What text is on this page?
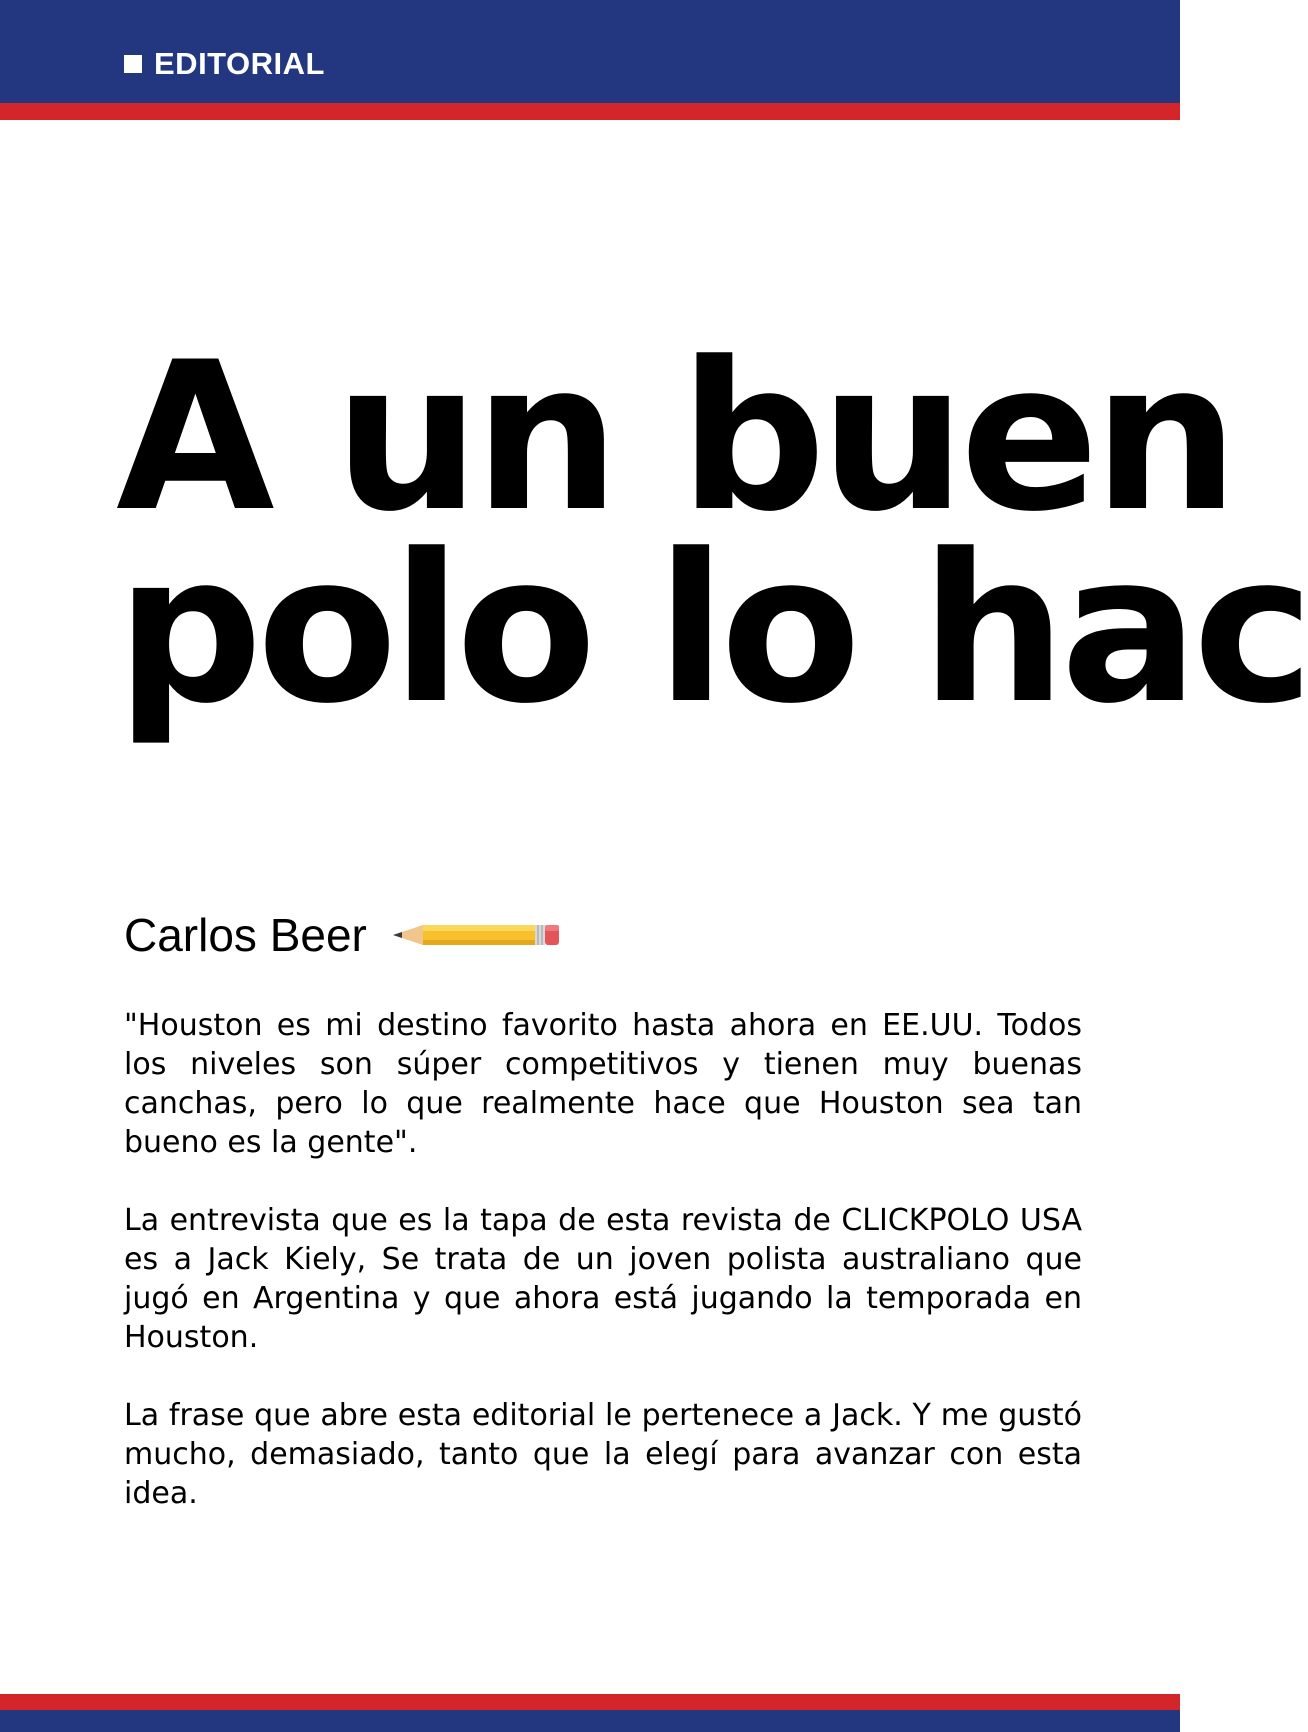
EDITORIAL
A un buen
polo lo hac
Carlos Beer

"Houston es mi destino favorito hasta ahora en EE.UU. Todos los niveles son súper competitivos y tienen muy buenas canchas, pero lo que realmente hace que Houston sea tan bueno es la gente".

La entrevista que es la tapa de esta revista de CLICKPOLO USA es a Jack Kiely, Se trata de un joven polista australiano que jugó en Argentina y que ahora está jugando la temporada en Houston.

La frase que abre esta editorial le pertenece a Jack. Y me gustó mucho, demasiado, tanto que la elegí para avanzar con esta idea.
